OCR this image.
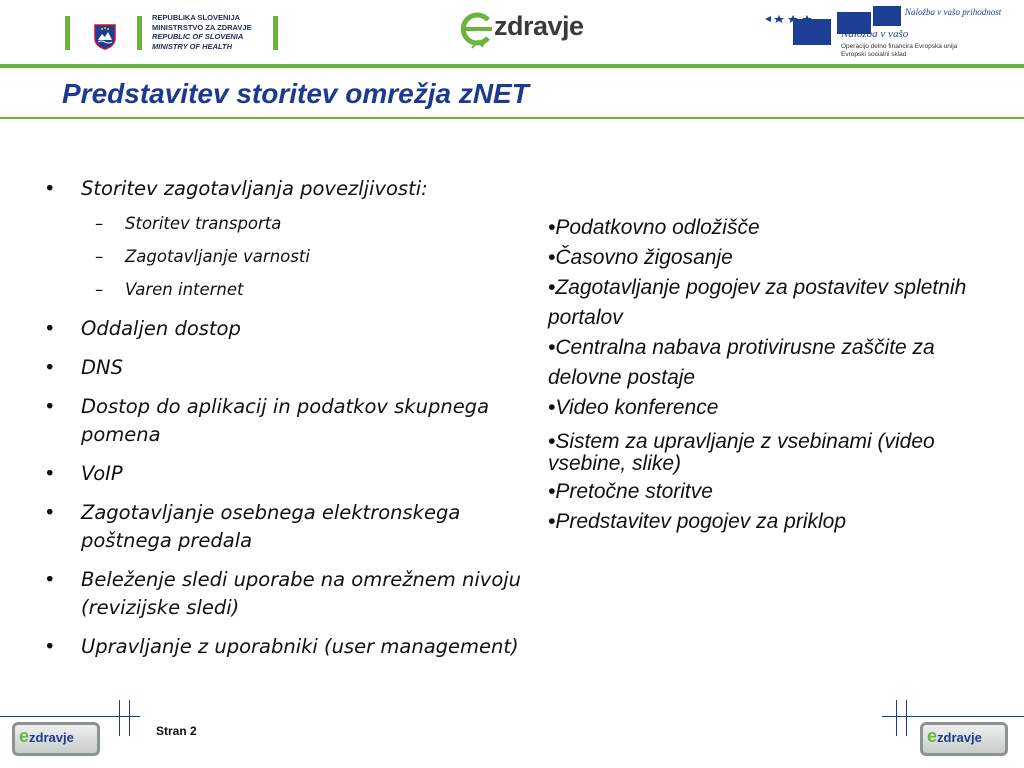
REPUBLIKA SLOVENIJA
MINISTRSTVO ZA ZDRAVJE
REPUBLIC OF SLOVENIA
MINISTRY OF HEALTH
zdravje	Naložba v vašo prihodnost
Naložba v vašo
Operacijo delno financira Evropska unija
Evropski socialni sklad
Predstavitev storitev omrežja zNET
• Storitev zagotavljanja povezljivosti:
– Storitev transporta
– Zagotavljanje varnosti
– Varen internet
• Oddaljen dostop
• DNS
• Dostop do aplikacij in podatkov skupnega pomena
• VoIP
• Zagotavljanje osebnega elektronskega poštnega predala
• Beleženje sledi uporabe na omrežnem nivoju (revizijske sledi)
• Upravljanje z uporabniki (user management)

•Podatkovno odložišče

•Časovno žigosanje

•Zagotavljanje pogojev za postavitev spletnih portalov

•Centralna nabava protivirusne zaščite za delovne postaje

•Video konference

•Sistem za upravljanje z vsebinami (video vsebine, slike)

•Pretočne storitve

•Predstavitev pogojev za priklop

e zdravje	Stran 2	e zdravje
